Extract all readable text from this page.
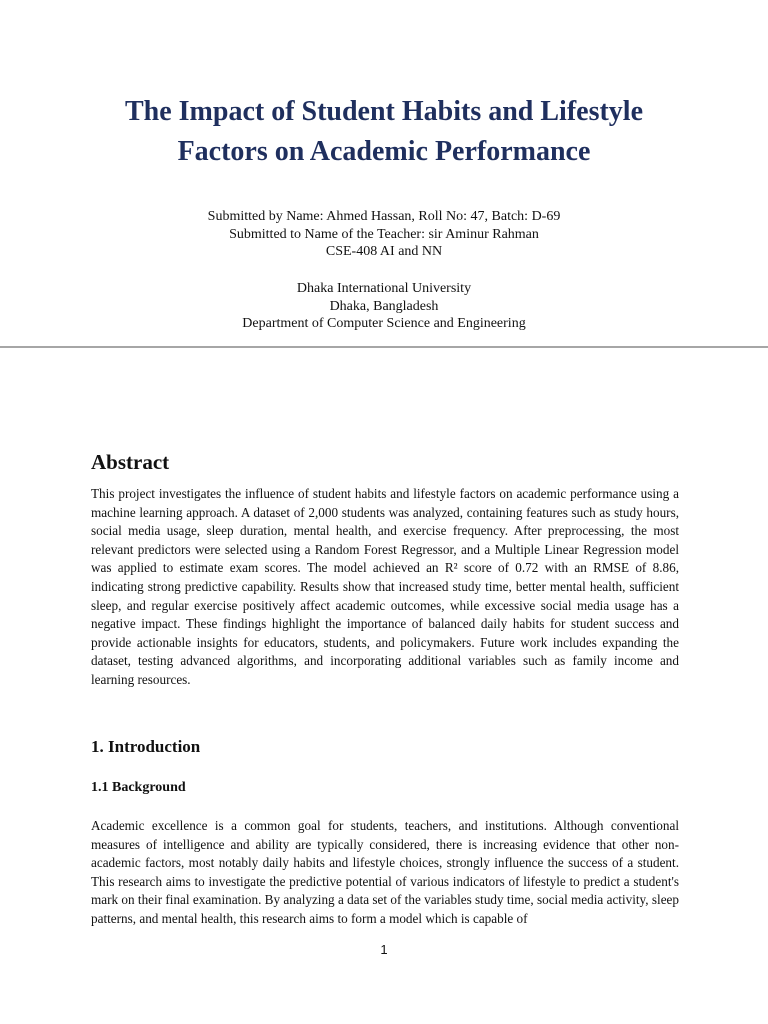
The Impact of Student Habits and Lifestyle
Factors on Academic Performance
Submitted by Name: Ahmed Hassan, Roll No: 47, Batch: D-69
Submitted to Name of the Teacher: sir Aminur Rahman
CSE-408 AI and NN
Dhaka International University
Dhaka, Bangladesh
Department of Computer Science and Engineering
Abstract

This project investigates the influence of student habits and lifestyle factors on academic performance using a machine learning approach. A dataset of 2,000 students was analyzed, containing features such as study hours, social media usage, sleep duration, mental health, and exercise frequency. After preprocessing, the most relevant predictors were selected using a Random Forest Regressor, and a Multiple Linear Regression model was applied to estimate exam scores. The model achieved an R² score of 0.72 with an RMSE of 8.86, indicating strong predictive capability. Results show that increased study time, better mental health, sufficient sleep, and regular exercise positively affect academic outcomes, while excessive social media usage has a negative impact. These findings highlight the importance of balanced daily habits for student success and provide actionable insights for educators, students, and policymakers. Future work includes expanding the dataset, testing advanced algorithms, and incorporating additional variables such as family income and learning resources.

1. Introduction
1.1 Background

Academic excellence is a common goal for students, teachers, and institutions. Although conventional measures of intelligence and ability are typically considered, there is increasing evidence that other non-academic factors, most notably daily habits and lifestyle choices, strongly influence the success of a student. This research aims to investigate the predictive potential of various indicators of lifestyle to predict a student's mark on their final examination. By analyzing a data set of the variables study time, social media activity, sleep patterns, and mental health, this research aims to form a model which is capable of

1
